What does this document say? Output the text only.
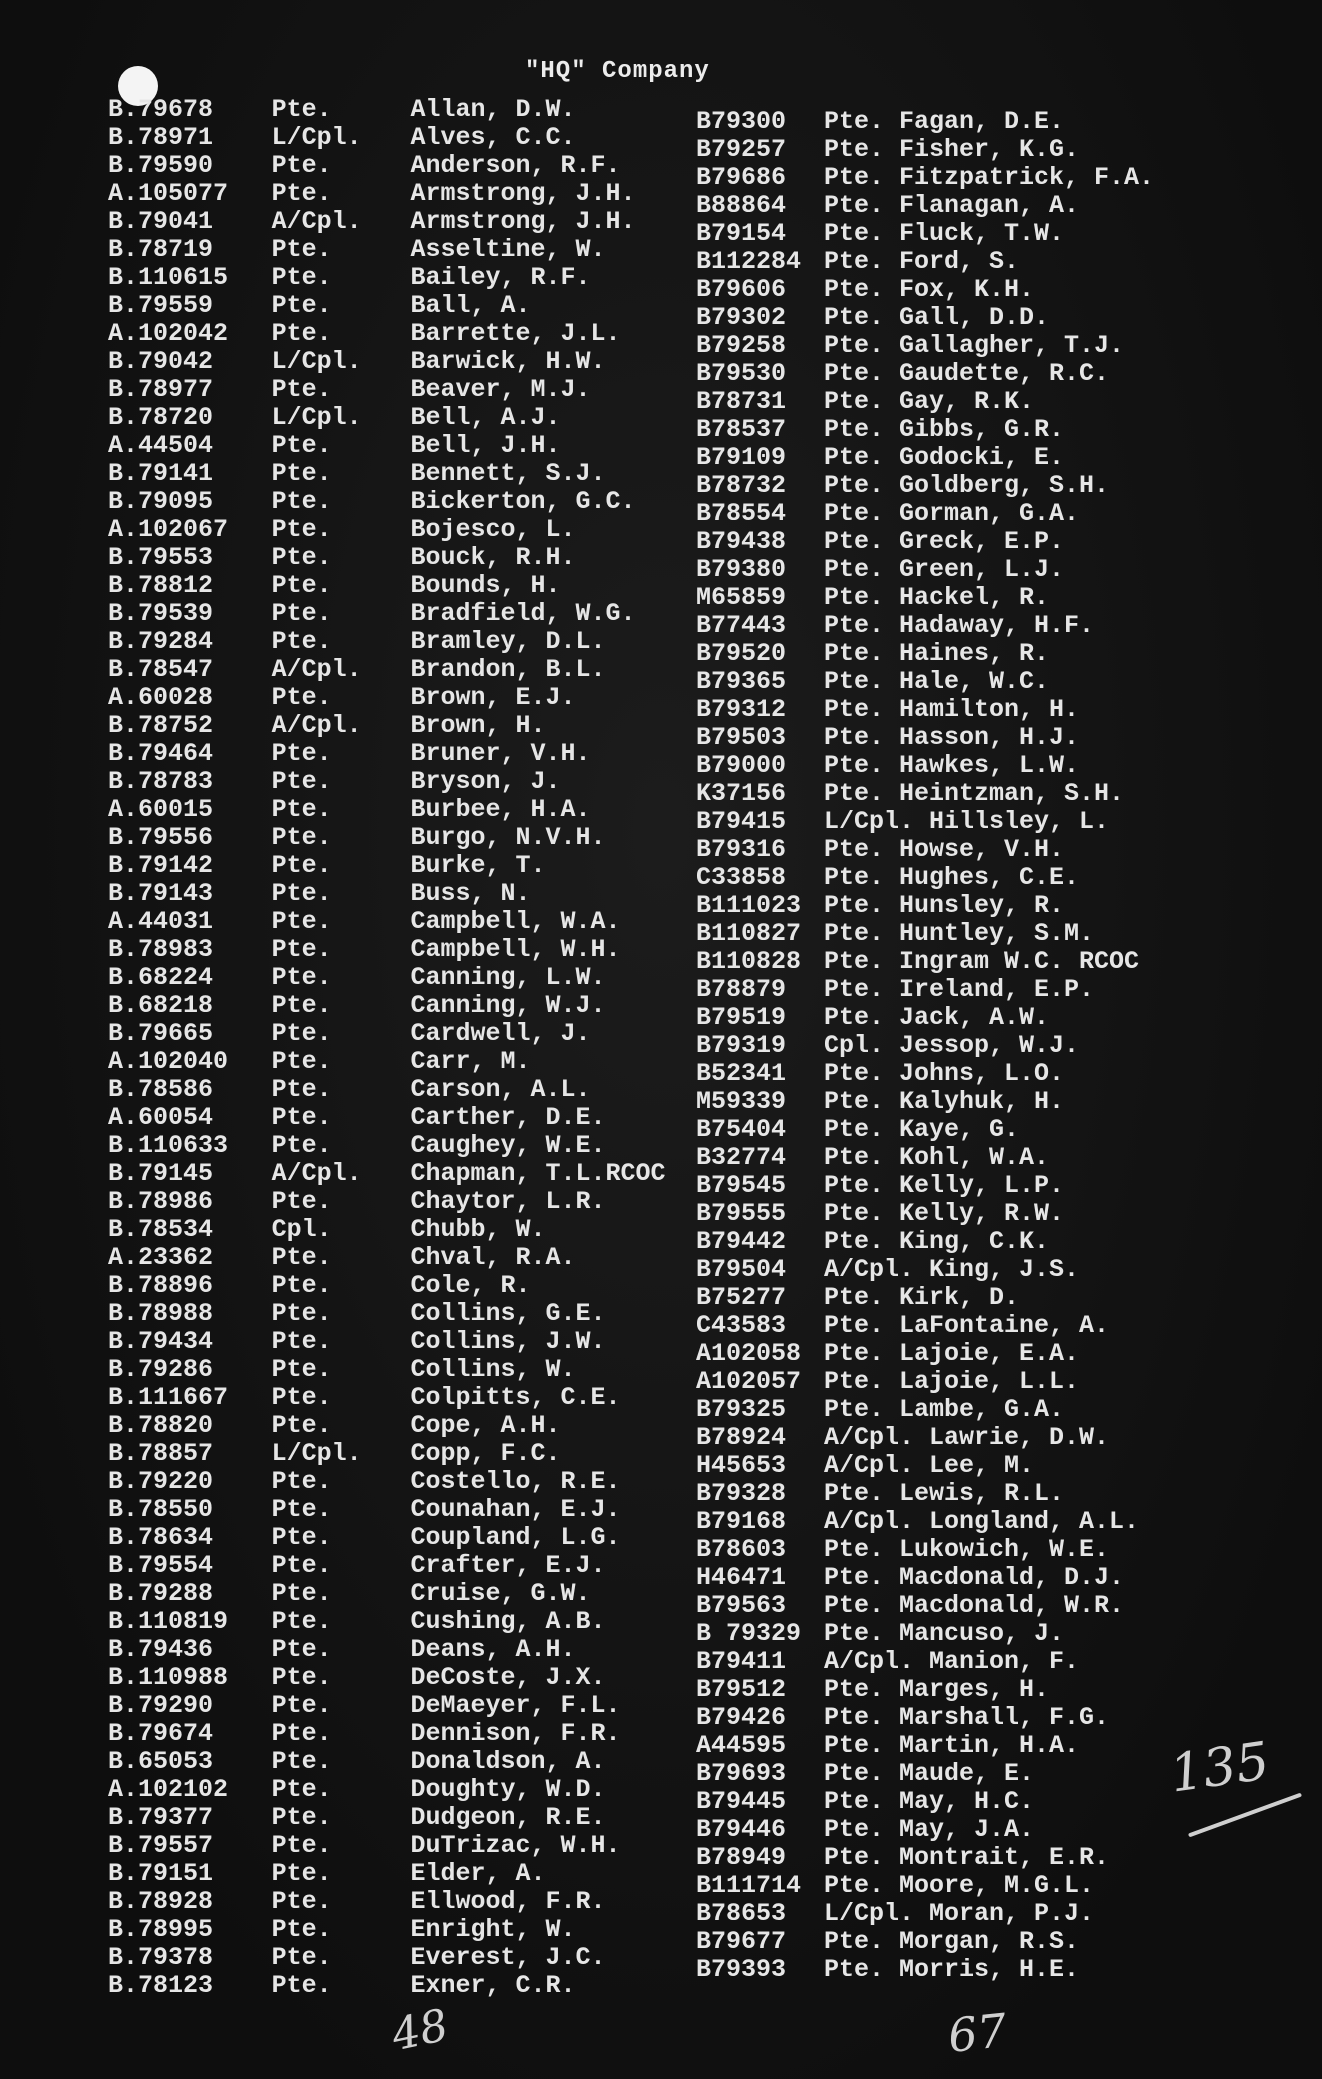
"HQ" Company
B.79678	Pte.	Allan, D.W.
B.78971	L/Cpl.	Alves, C.C.
B.79590	Pte.	Anderson, R.F.
A.105077	Pte.	Armstrong, J.H.
B.79041	A/Cpl.	Armstrong, J.H.
B.78719	Pte.	Asseltine, W.
B.110615	Pte.	Bailey, R.F.
B.79559	Pte.	Ball, A.
A.102042	Pte.	Barrette, J.L.
B.79042	L/Cpl.	Barwick, H.W.
B.78977	Pte.	Beaver, M.J.
B.78720	L/Cpl.	Bell, A.J.
A.44504	Pte.	Bell, J.H.
B.79141	Pte.	Bennett, S.J.
B.79095	Pte.	Bickerton, G.C.
A.102067	Pte.	Bojesco, L.
B.79553	Pte.	Bouck, R.H.
B.78812	Pte.	Bounds, H.
B.79539	Pte.	Bradfield, W.G.
B.79284	Pte.	Bramley, D.L.
B.78547	A/Cpl.	Brandon, B.L.
A.60028	Pte.	Brown, E.J.
B.78752	A/Cpl.	Brown, H.
B.79464	Pte.	Bruner, V.H.
B.78783	Pte.	Bryson, J.
A.60015	Pte.	Burbee, H.A.
B.79556	Pte.	Burgo, N.V.H.
B.79142	Pte.	Burke, T.
B.79143	Pte.	Buss, N.
A.44031	Pte.	Campbell, W.A.
B.78983	Pte.	Campbell, W.H.
B.68224	Pte.	Canning, L.W.
B.68218	Pte.	Canning, W.J.
B.79665	Pte.	Cardwell, J.
A.102040	Pte.	Carr, M.
B.78586	Pte.	Carson, A.L.
A.60054	Pte.	Carther, D.E.
B.110633	Pte.	Caughey, W.E.
B.79145	A/Cpl.	Chapman, T.L.RCOC
B.78986	Pte.	Chaytor, L.R.
B.78534	Cpl.	Chubb, W.
A.23362	Pte.	Chval, R.A.
B.78896	Pte.	Cole, R.
B.78988	Pte.	Collins, G.E.
B.79434	Pte.	Collins, J.W.
B.79286	Pte.	Collins, W.
B.111667	Pte.	Colpitts, C.E.
B.78820	Pte.	Cope, A.H.
B.78857	L/Cpl.	Copp, F.C.
B.79220	Pte.	Costello, R.E.
B.78550	Pte.	Counahan, E.J.
B.78634	Pte.	Coupland, L.G.
B.79554	Pte.	Crafter, E.J.
B.79288	Pte.	Cruise, G.W.
B.110819	Pte.	Cushing, A.B.
B.79436	Pte.	Deans, A.H.
B.110988	Pte.	DeCoste, J.X.
B.79290	Pte.	DeMaeyer, F.L.
B.79674	Pte.	Dennison, F.R.
B.65053	Pte.	Donaldson, A.
A.102102	Pte.	Doughty, W.D.
B.79377	Pte.	Dudgeon, R.E.
B.79557	Pte.	DuTrizac, W.H.
B.79151	Pte.	Elder, A.
B.78928	Pte.	Ellwood, F.R.
B.78995	Pte.	Enright, W.
B.79378	Pte.	Everest, J.C.
B.78123	Pte.	Exner, C.R.
B79300	Pte. Fagan, D.E.
B79257	Pte. Fisher, K.G.
B79686	Pte. Fitzpatrick, F.A.
B88864	Pte. Flanagan, A.
B79154	Pte. Fluck, T.W.
B112284 Pte. Ford, S.
B79606	Pte. Fox, K.H.
B79302	Pte. Gall, D.D.
B79258	Pte. Gallagher, T.J.
B79530	Pte. Gaudette, R.C.
B78731	Pte. Gay, R.K.
B78537	Pte. Gibbs, G.R.
B79109	Pte. Godocki, E.
B78732	Pte. Goldberg, S.H.
B78554	Pte. Gorman, G.A.
B79438	Pte. Greck, E.P.
B79380	Pte. Green, L.J.
M65859	Pte. Hackel, R.
B77443	Pte. Hadaway, H.F.
B79520	Pte. Haines, R.
B79365	Pte. Hale, W.C.
B79312	Pte. Hamilton, H.
B79503	Pte. Hasson, H.J.
B79000	Pte. Hawkes, L.W.
K37156	Pte. Heintzman, S.H.
B79415	L/Cpl. Hillsley, L.
B79316	Pte. Howse, V.H.
C33858	Pte. Hughes, C.E.
B111023 Pte. Hunsley, R.
B110827 Pte. Huntley, S.M.
B110828 Pte. Ingram W.C. RCOC
B78879	Pte. Ireland, E.P.
B79519	Pte. Jack, A.W.
B79319	Cpl. Jessop, W.J.
B52341	Pte. Johns, L.O.
M59339	Pte. Kalyhuk, H.
B75404	Pte. Kaye, G.
B32774	Pte. Kohl, W.A.
B79545	Pte. Kelly, L.P.
B79555	Pte. Kelly, R.W.
B79442	Pte. King, C.K.
B79504	A/Cpl. King, J.S.
B75277	Pte. Kirk, D.
C43583	Pte. LaFontaine, A.
A102058 Pte. Lajoie, E.A.
A102057 Pte. Lajoie, L.L.
B79325	Pte. Lambe, G.A.
B78924	A/Cpl. Lawrie, D.W.
H45653	A/Cpl. Lee, M.
B79328	Pte. Lewis, R.L.
B79168	A/Cpl. Longland, A.L.
B78603	Pte. Lukowich, W.E.
H46471	Pte. Macdonald, D.J.
B79563	Pte. Macdonald, W.R.
B 79329 Pte. Mancuso, J.
B79411	A/Cpl. Manion, F.
B79512	Pte. Marges, H.
B79426	Pte. Marshall, F.G.
A44595	Pte. Martin, H.A.
B79693	Pte. Maude, E.
B79445	Pte. May, H.C.
B79446	Pte. May, J.A.
B78949	Pte. Montrait, E.R.
B111714 Pte. Moore, M.G.L.
B78653	L/Cpl. Moran, P.J.
B79677	Pte. Morgan, R.S.
B79393	Pte. Morris, H.E.
135
48	67
